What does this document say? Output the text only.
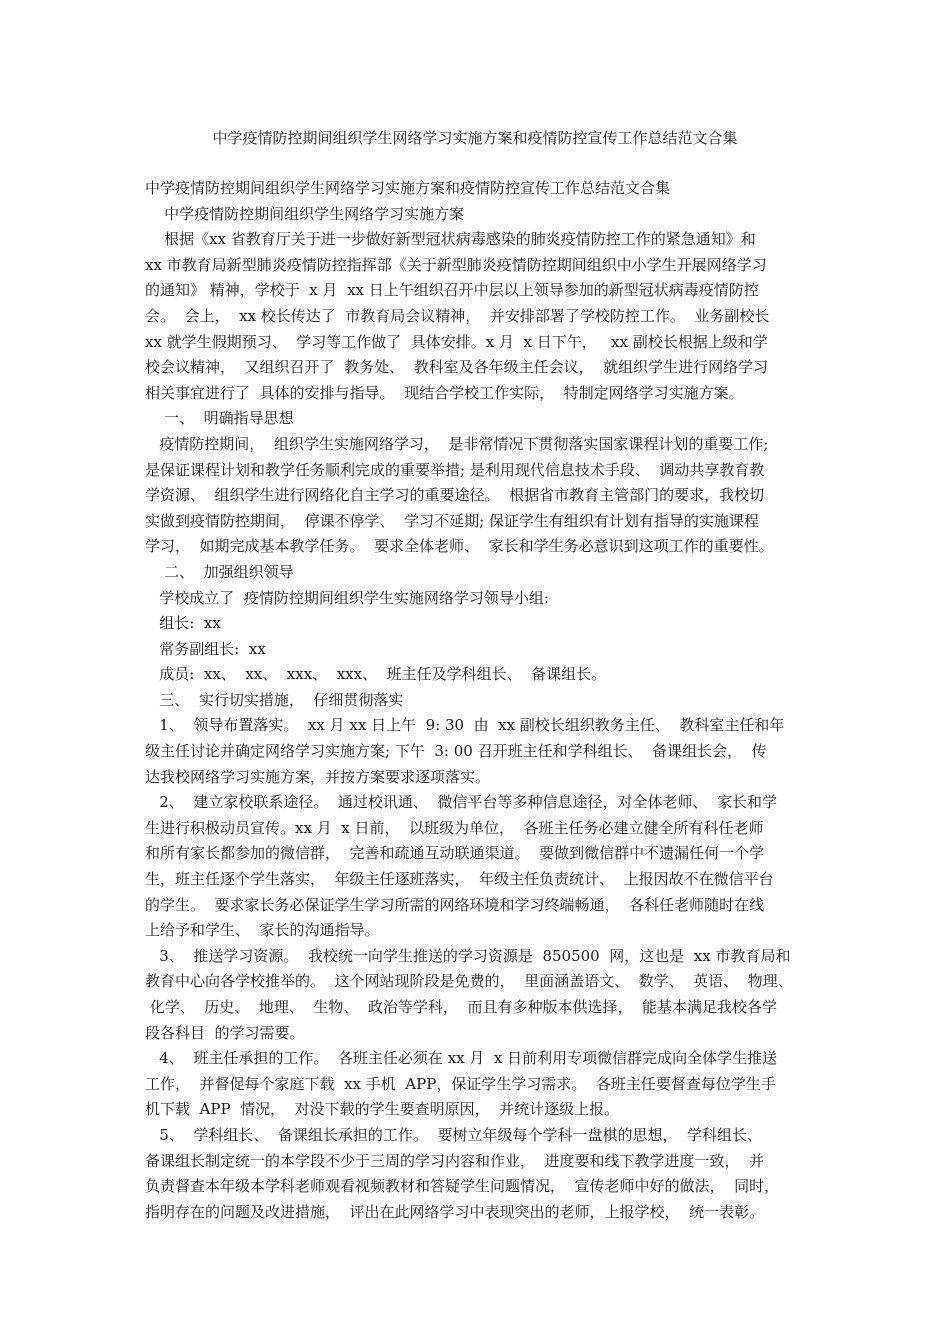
中学疫情防控期间组织学生网络学习实施方案和疫情防控宣传工作总结范文合集
中学疫情防控期间组织学生网络学习实施方案和疫情防控宣传工作总结范文合集
中学疫情防控期间组织学生网络学习实施方案
根据《xx 省教育厅关于进一步做好新型冠状病毒感染的肺炎疫情防控工作的紧急通知》和
xx 市教育局新型肺炎疫情防控指挥部《关于新型肺炎疫情防控期间组织中小学生开展网络学习
的通知》 精神，学校于  x 月  xx 日上午组织召开中层以上领导参加的新型冠状病毒疫情防控
会。  会上，  xx 校长传达了  市教育局会议精神，  并安排部署了学校防控工作。  业务副校长
xx 就学生假期预习、  学习等工作做了  具体安排。x 月  x 日下午，   xx 副校长根据上级和学
校会议精神，  又组织召开了  教务处、  教科室及各年级主任会议，  就组织学生进行网络学习
相关事宜进行了  具体的安排与指导。  现结合学校工作实际，  特制定网络学习实施方案。
一、  明确指导思想
疫情防控期间，  组织学生实施网络学习，  是非常情况下贯彻落实国家课程计划的重要工作;
是保证课程计划和教学任务顺利完成的重要举措; 是利用现代信息技术手段、  调动共享教育教
学资源、  组织学生进行网络化自主学习的重要途径。  根据省市教育主管部门的要求，我校切
实做到疫情防控期间，  停课不停学、  学习不延期; 保证学生有组织有计划有指导的实施课程
学习，  如期完成基本教学任务。  要求全体老师、  家长和学生务必意识到这项工作的重要性。
二、  加强组织领导
学校成立了  疫情防控期间组织学生实施网络学习领导小组:
组长:  xx
常务副组长:  xx
成员:  xx、  xx、  xxx、  xxx、  班主任及学科组长、  备课组长。
三、  实行切实措施，  仔细贯彻落实
1、  领导布置落实。  xx 月 xx 日上午  9: 30  由  xx 副校长组织教务主任、  教科室主任和年
级主任讨论并确定网络学习实施方案; 下午  3: 00 召开班主任和学科组长、  备课组长会，  传
达我校网络学习实施方案，并按方案要求逐项落实。
2、  建立家校联系途径。  通过校讯通、  微信平台等多种信息途径，对全体老师、  家长和学
生进行积极动员宣传。xx 月  x 日前，  以班级为单位，  各班主任务必建立健全所有科任老师
和所有家长都参加的微信群，  完善和疏通互动联通渠道。  要做到微信群中不遗漏任何一个学
生，班主任逐个学生落实，  年级主任逐班落实，  年级主任负责统计、  上报因故不在微信平台
的学生。  要求家长务必保证学生学习所需的网络环境和学习终端畅通，  各科任老师随时在线
上给予和学生、  家长的沟通指导。
3、  推送学习资源。  我校统一向学生推送的学习资源是  850500  网，这也是  xx 市教育局和
教育中心向各学校推举的。  这个网站现阶段是免费的，  里面涵盖语文、  数学、  英语、  物理、
化学、  历史、  地理、  生物、  政治等学科，  而且有多种版本供选择，  能基本满足我校各学
段各科目  的学习需要。
4、  班主任承担的工作。  各班主任必须在 xx 月  x 日前利用专项微信群完成向全体学生推送
工作，  并督促每个家庭下载  xx 手机  APP，保证学生学习需求。  各班主任要督查每位学生手
机下载  APP  情况，  对没下载的学生要查明原因，  并统计逐级上报。
5、  学科组长、  备课组长承担的工作。  要树立年级每个学科一盘棋的思想，  学科组长、
备课组长制定统一的本学段不少于三周的学习内容和作业，  进度要和线下教学进度一致，  并
负责督查本年级本学科老师观看视频教材和答疑学生问题情况，  宣传老师中好的做法，  同时，
指明存在的问题及改进措施，  评出在此网络学习中表现突出的老师，上报学校，  统一表彰。
